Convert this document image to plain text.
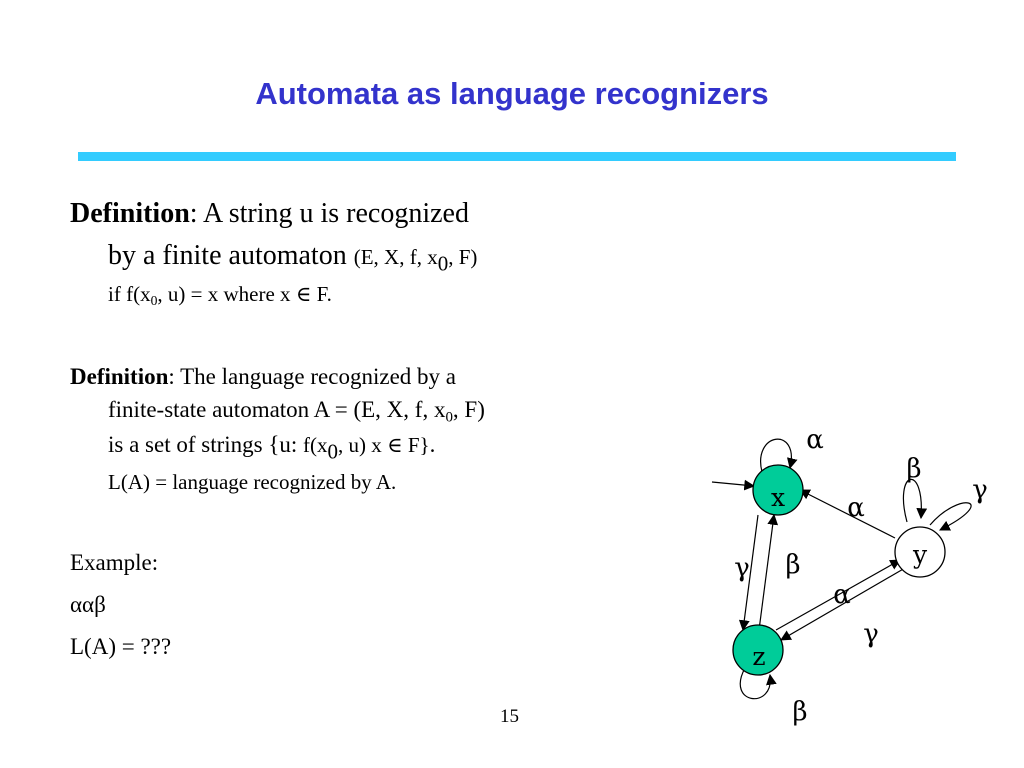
Automata as language recognizers
Definition: A string u is recognized
by a finite automaton (E, X, f, $x_0$, F)
if $f(x_0$, u) = x where x ∈ F.
Definition: The language recognized by a
finite-state automaton A = (E, X, f, $x_0$, F)
is a set of strings {u: $f(x_0$, u) x ∈ F}.
L(A) = language recognized by A.
Example:
ααβ
L(A) = ???
15
x
y
z
α
β
γ
α
γ β
α
γ
β
